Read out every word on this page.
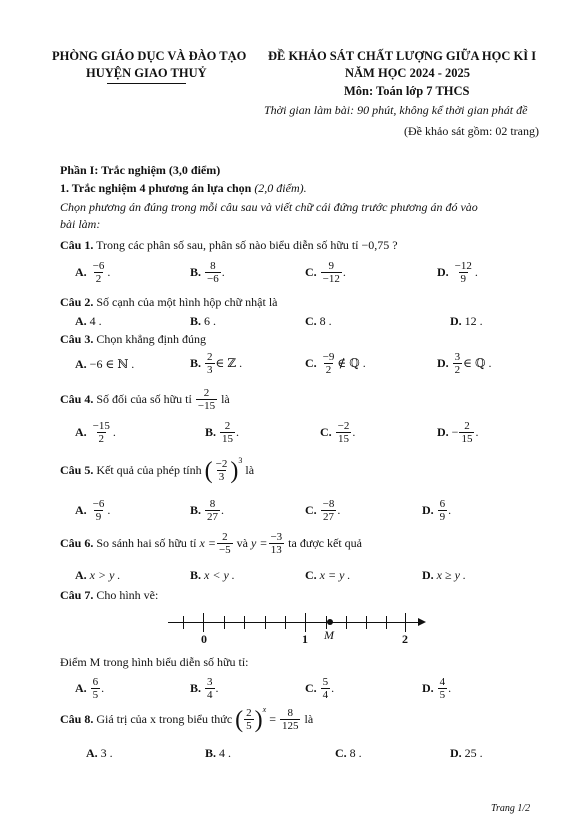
PHÒNG GIÁO DỤC VÀ ĐÀO TẠO
HUYỆN GIAO THUỶ
ĐỀ KHẢO SÁT CHẤT LƯỢNG GIỮA HỌC KÌ I
NĂM HỌC 2024 - 2025
Môn: Toán lớp 7 THCS
Thời gian làm bài: 90 phút, không kể thời gian phát đề
(Đề khảo sát gồm: 02 trang)
Phần I: Trắc nghiệm (3,0 điểm)
1. Trắc nghiệm 4 phương án lựa chọn (2,0 điểm).
Chọn phương án đúng trong mỗi câu sau và viết chữ cái đứng trước phương án đó vào
bài làm:
Câu 1. Trong các phân số sau, phân số nào biểu diễn số hữu tỉ −0,75 ?
A.
$\frac{-6}{2}$ .	B.
$\frac{8}{-6}$ .	C.
$\frac{9}{-12}$ .	D.
$\frac{-12}{9}$ .
Câu 2. Số cạnh của một hình hộp chữ nhật là
A.
4 .	B.
6 .	C.
8 .	D.
12 .
Câu 3. Chọn khẳng định đúng
A.
−6 ∈ ℕ .	B.
$\frac{2}{3}$ ∈ ℤ .	C.
$\frac{-9}{2}$ ∉ ℚ .	D.
$\frac{3}{2}$ ∈ ℚ .
Câu 4.
Số đối của số hữu tỉ
$\frac{2}{-15}$
là
A.
$\frac{-15}{2}$ .	B.
$\frac{2}{15}$ .	C.
$\frac{-2}{15}$ .	D.
− $\frac{2}{15}$ .
Câu 5.
Kết quả của phép tính
( $\frac{-2}{3}$ ) 3

là
A.
$\frac{-6}{9}$ .	B.
$\frac{8}{27}$ .	C.
$\frac{-8}{27}$ .	D.
$\frac{6}{9}$ .
Câu 6.
So sánh hai số hữu tỉ
$x = \frac{2}{-5}$
và
$y = \frac{-3}{13}$
ta được kết quả
A.
x > y .	B.
x < y .	C.
x = y .	D.
x ≥ y .
Câu 7. Cho hình vẽ:
0	1 M	2
Điểm M trong hình biểu diễn số hữu tỉ:
A.
$\frac{6}{5}$ .	B.
$\frac{3}{4}$ .	C.
$\frac{5}{4}$ .	D.
$\frac{4}{5}$ .
Câu 8.
Giá trị của x trong biểu thức
( $\frac{2}{5}$ ) x

=
$\frac{8}{125}$
là
A.
3 .	B.
4 .	C.
8 .	D.
25 .
Trang 1/2
